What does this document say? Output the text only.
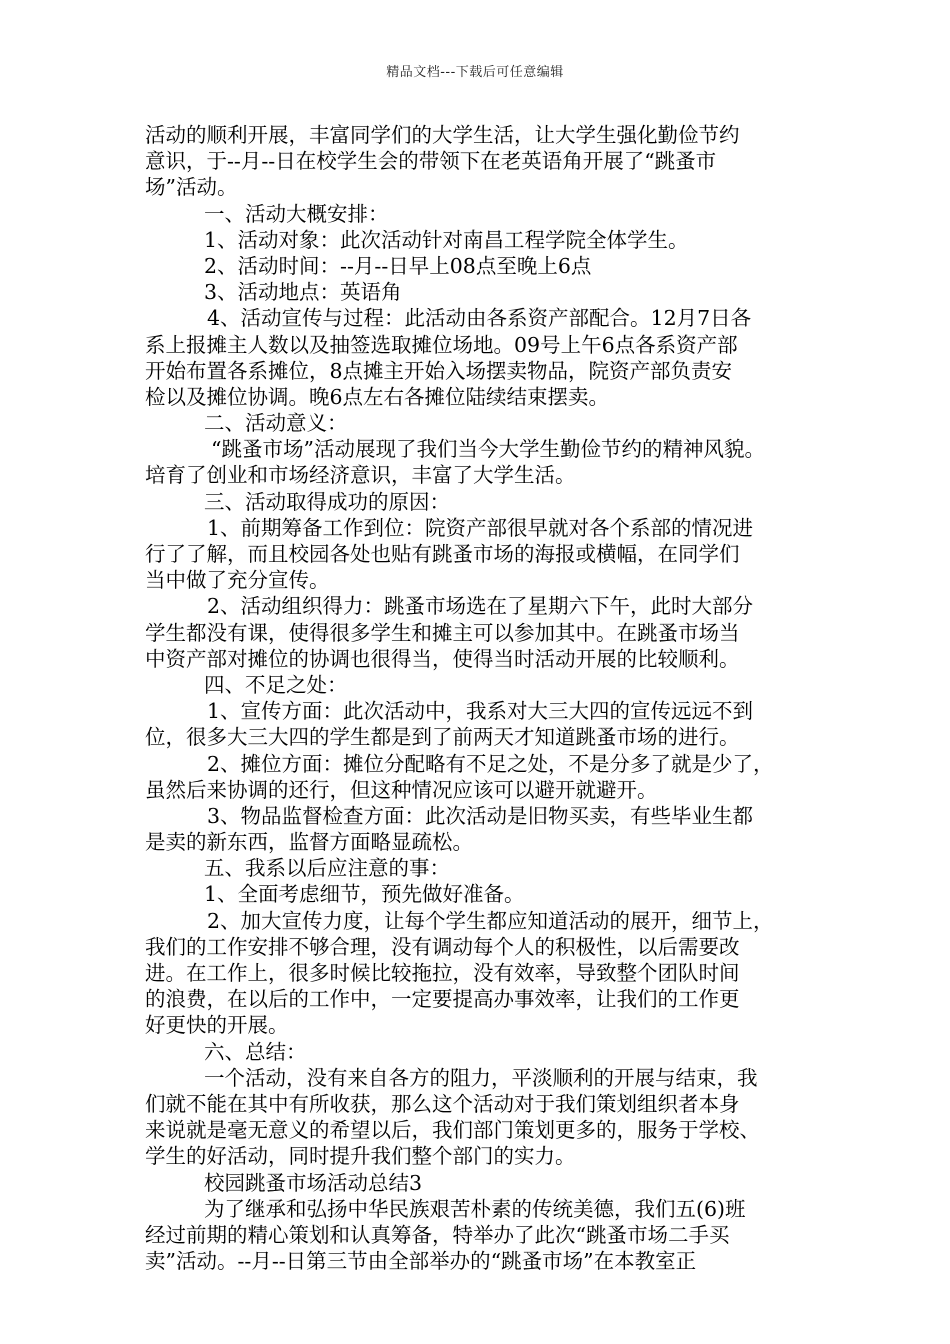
精品文档---下载后可任意编辑
活动的顺利开展，丰富同学们的大学生活，让大学生强化勤俭节约
意识，于--月--日在校学生会的带领下在老英语角开展了“跳蚤市
场”活动。
一、活动大概安排：
1、活动对象：此次活动针对南昌工程学院全体学生。
2、活动时间：--月--日早上08点至晚上6点
3、活动地点：英语角
4、活动宣传与过程：此活动由各系资产部配合。12月7日各
系上报摊主人数以及抽签选取摊位场地。09号上午6点各系资产部
开始布置各系摊位，8点摊主开始入场摆卖物品，院资产部负责安
检以及摊位协调。晚6点左右各摊位陆续结束摆卖。
二、活动意义：
“跳蚤市场”活动展现了我们当今大学生勤俭节约的精神风貌。
培育了创业和市场经济意识，丰富了大学生活。
三、活动取得成功的原因：
1、前期筹备工作到位：院资产部很早就对各个系部的情况进
行了了解，而且校园各处也贴有跳蚤市场的海报或横幅，在同学们
当中做了充分宣传。
2、活动组织得力：跳蚤市场选在了星期六下午，此时大部分
学生都没有课，使得很多学生和摊主可以参加其中。在跳蚤市场当
中资产部对摊位的协调也很得当，使得当时活动开展的比较顺利。
四、不足之处：
1、宣传方面：此次活动中，我系对大三大四的宣传远远不到
位，很多大三大四的学生都是到了前两天才知道跳蚤市场的进行。
2、摊位方面：摊位分配略有不足之处，不是分多了就是少了，
虽然后来协调的还行，但这种情况应该可以避开就避开。
3、物品监督检查方面：此次活动是旧物买卖，有些毕业生都
是卖的新东西，监督方面略显疏松。
五、我系以后应注意的事：
1、全面考虑细节，预先做好准备。
2、加大宣传力度，让每个学生都应知道活动的展开，细节上，
我们的工作安排不够合理，没有调动每个人的积极性，以后需要改
进。在工作上，很多时候比较拖拉，没有效率，导致整个团队时间
的浪费，在以后的工作中，一定要提高办事效率，让我们的工作更
好更快的开展。
六、总结：
一个活动，没有来自各方的阻力，平淡顺利的开展与结束，我
们就不能在其中有所收获，那么这个活动对于我们策划组织者本身
来说就是毫无意义的希望以后，我们部门策划更多的，服务于学校、
学生的好活动，同时提升我们整个部门的实力。
校园跳蚤市场活动总结3
为了继承和弘扬中华民族艰苦朴素的传统美德，我们五(6)班
经过前期的精心策划和认真筹备，特举办了此次“跳蚤市场二手买
卖”活动。--月--日第三节由全部举办的“跳蚤市场”在本教室正
